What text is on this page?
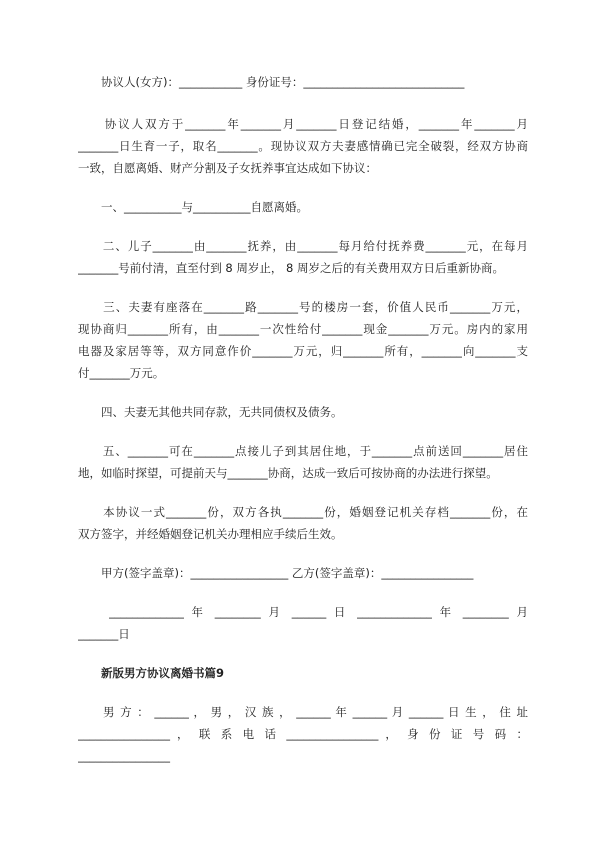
　　协议人(女方)：___________ 身份证号：____________________________
　　协议人双方于_______年_______月_______日登记结婚，_______年_______月
_______日生育一子，取名_______。现协议双方夫妻感情确已完全破裂，经双方协商
一致，自愿离婚、财产分割及子女抚养事宜达成如下协议：
　　一、__________与__________自愿离婚。
　　二、儿子_______由_______抚养，由_______每月给付抚养费_______元，在每月
_______号前付清，直至付到 8 周岁止， 8 周岁之后的有关费用双方日后重新协商。
　　三、夫妻有座落在_______路_______号的楼房一套，价值人民币_______万元，
现协商归_______所有，由_______一次性给付_______现金_______万元。房内的家用
电器及家居等等，双方同意作价_______万元，归_______所有，_______向_______支
付_______万元。
　　四、夫妻无其他共同存款，无共同债权及债务。
　　五、_______可在_______点接儿子到其居住地，于_______点前送回_______居住
地，如临时探望，可提前天与_______协商，达成一致后可按协商的办法进行探望。
　　本协议一式_______份，双方各执_______份，婚姻登记机关存档_______份，在
双方签字，并经婚姻登记机关办理相应手续后生效。
　　甲方(签字盖章)：_________________ 乙方(签字盖章)：________________
　　_____________ 年 ________ 月 ______ 日 _____________ 年 ________ 月
_______日
　　新版男方协议离婚书篇9
　　男 方 ： ______ ， 男 ， 汉 族 ， ______ 年 ______ 月 ______ 日 生 ， 住 址
________________ ， 联 系 电 话 ________________ ， 身 份 证 号 码 ：
________________
